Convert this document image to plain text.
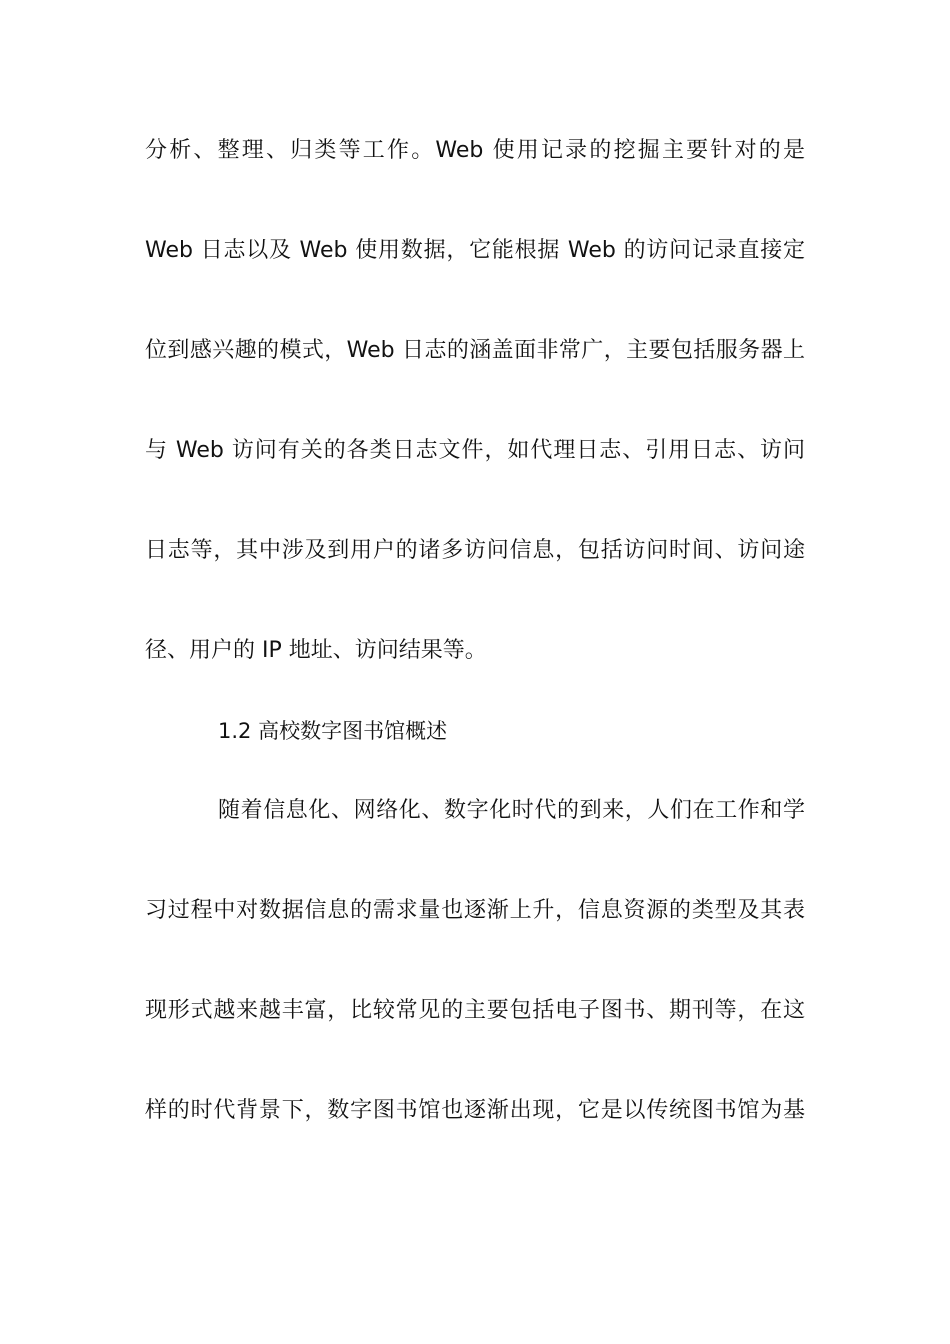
分析、整理、归类等工作。Web 使用记录的挖掘主要针对的是
Web 日志以及 Web 使用数据，它能根据 Web 的访问记录直接定
位到感兴趣的模式，Web 日志的涵盖面非常广，主要包括服务器上
与 Web 访问有关的各类日志文件，如代理日志、引用日志、访问
日志等，其中涉及到用户的诸多访问信息，包括访问时间、访问途
径、用户的 IP 地址、访问结果等。
1.2 高校数字图书馆概述
随着信息化、网络化、数字化时代的到来，人们在工作和学
习过程中对数据信息的需求量也逐渐上升，信息资源的类型及其表
现形式越来越丰富，比较常见的主要包括电子图书、期刊等，在这
样的时代背景下，数字图书馆也逐渐出现，它是以传统图书馆为基
